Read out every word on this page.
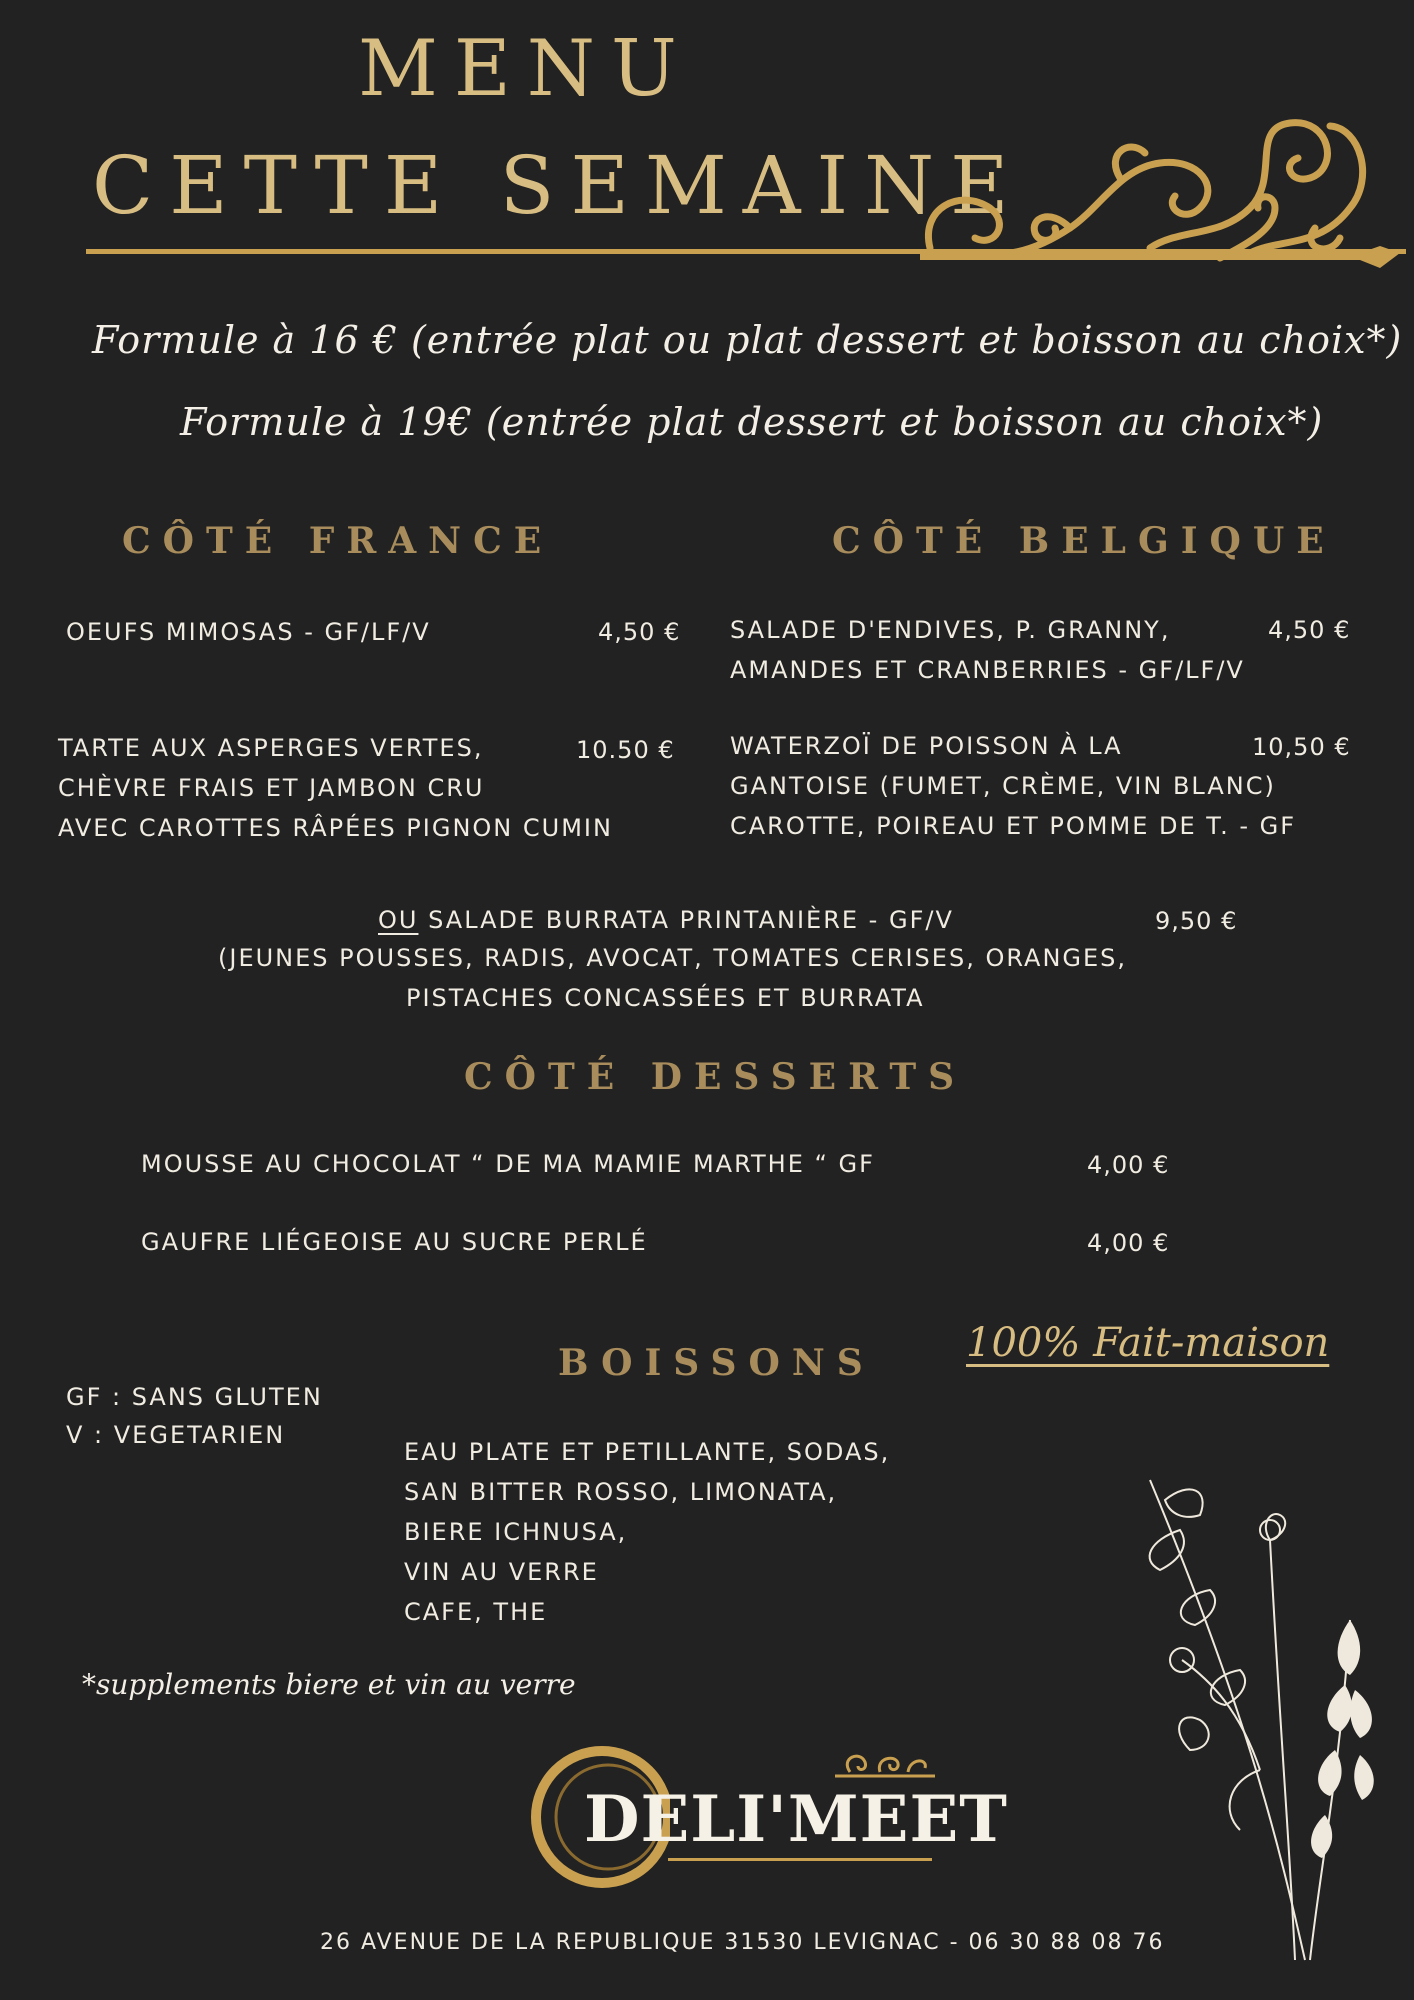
MENU
CETTE SEMAINE
Formule à 16 € (entrée plat ou plat dessert et boisson au choix*)
Formule à 19€ (entrée plat dessert et boisson au choix*)
CÔTÉ FRANCE	CÔTÉ BELGIQUE
OEUFS MIMOSAS - GF/LF/V	4,50 €
TARTE AUX ASPERGES VERTES,
CHÈVRE FRAIS ET JAMBON CRU
AVEC CAROTTES RÂPÉES PIGNON CUMIN
10.50 €
SALADE D'ENDIVES, P. GRANNY,
AMANDES ET CRANBERRIES - GF/LF/V
4,50 €
WATERZOÏ DE POISSON À LA
GANTOISE (FUMET, CRÈME, VIN BLANC)
CAROTTE, POIREAU ET POMME DE T. - GF
10,50 €
OU SALADE BURRATA PRINTANIÈRE - GF/V	9,50 €
(JEUNES POUSSES, RADIS, AVOCAT, TOMATES CERISES, ORANGES,
PISTACHES CONCASSÉES ET BURRATA
CÔTÉ DESSERTS
MOUSSE AU CHOCOLAT “ DE MA MAMIE MARTHE “ GF	4,00 €
GAUFRE LIÉGEOISE AU SUCRE PERLÉ	4,00 €
BOISSONS
EAU PLATE ET PETILLANTE, SODAS,
SAN BITTER ROSSO, LIMONATA,
BIERE ICHNUSA,
VIN AU VERRE
CAFE, THE
100% Fait-maison
GF : SANS GLUTEN
V : VEGETARIEN
*supplements biere et vin au verre
DELI'MEET
26 AVENUE DE LA REPUBLIQUE 31530 LEVIGNAC - 06 30 88 08 76
